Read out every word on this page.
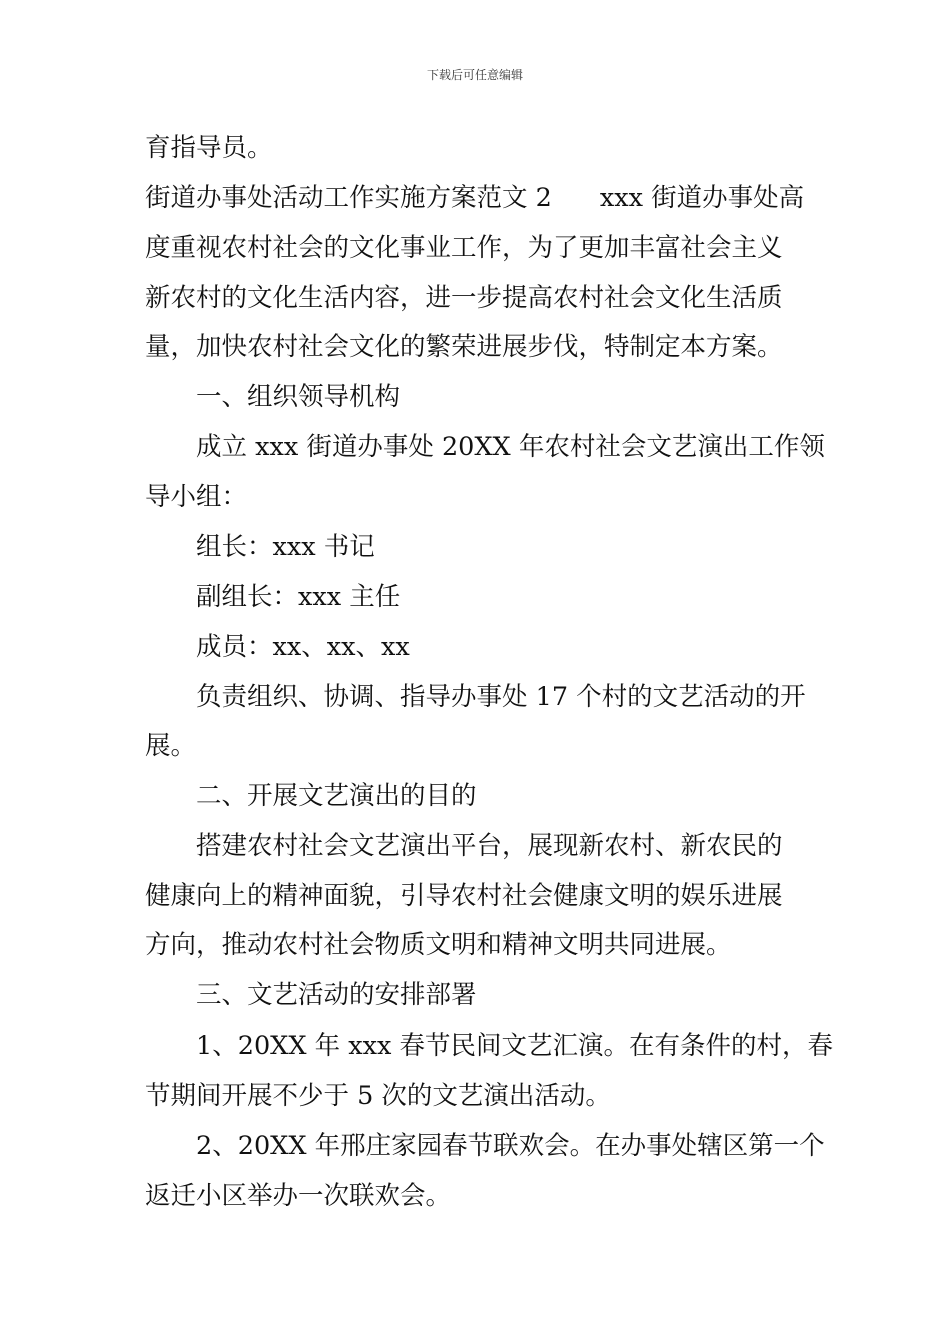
下载后可任意编辑
育指导员。
街道办事处活动工作实施方案范文 2 xxx 街道办事处高
度重视农村社会的文化事业工作，为了更加丰富社会主义
新农村的文化生活内容，进一步提高农村社会文化生活质
量，加快农村社会文化的繁荣进展步伐，特制定本方案。
一、组织领导机构
成立 xxx 街道办事处 20XX 年农村社会文艺演出工作领
导小组：
组长：xxx 书记
副组长：xxx 主任
成员：xx、xx、xx
负责组织、协调、指导办事处 17 个村的文艺活动的开
展。
二、开展文艺演出的目的
搭建农村社会文艺演出平台，展现新农村、新农民的
健康向上的精神面貌，引导农村社会健康文明的娱乐进展
方向，推动农村社会物质文明和精神文明共同进展。
三、文艺活动的安排部署
1、20XX 年 xxx 春节民间文艺汇演。在有条件的村，春
节期间开展不少于 5 次的文艺演出活动。
2、20XX 年邢庄家园春节联欢会。在办事处辖区第一个
返迁小区举办一次联欢会。
